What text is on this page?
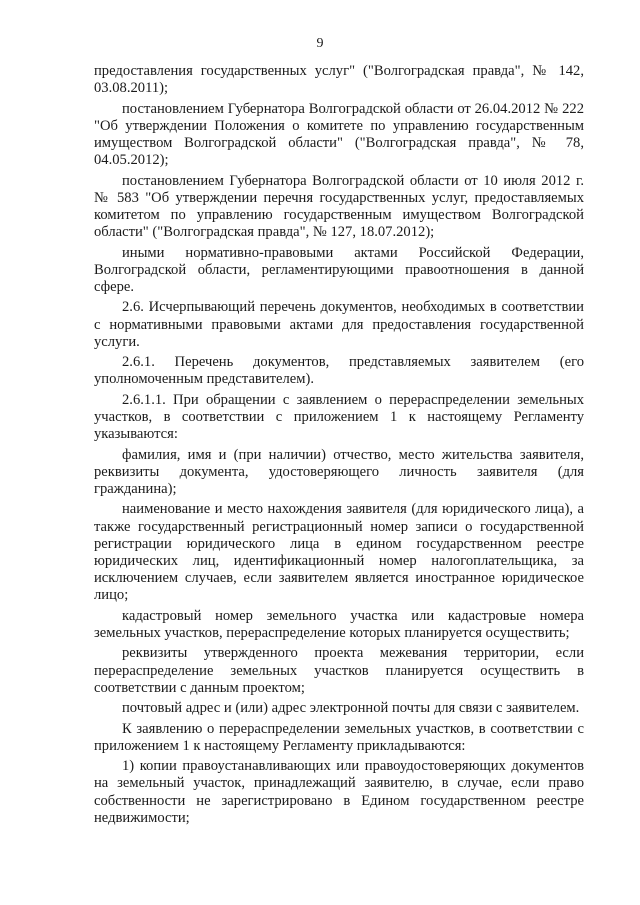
9

предоставления государственных услуг" ("Волгоградская правда", № 142, 03.08.2011);

постановлением Губернатора Волгоградской области от 26.04.2012 № 222 "Об утверждении Положения о комитете по управлению государственным имуществом Волгоградской области" ("Волгоградская правда", № 78, 04.05.2012);

постановлением Губернатора Волгоградской области от 10 июля 2012 г. № 583 "Об утверждении перечня государственных услуг, предоставляемых комитетом по управлению государственным имуществом Волгоградской области" ("Волгоградская правда", № 127, 18.07.2012);

иными нормативно-правовыми актами Российской Федерации, Волгоградской области, регламентирующими правоотношения в данной сфере.

2.6. Исчерпывающий перечень документов, необходимых в соответствии с нормативными правовыми актами для предоставления государственной услуги.

2.6.1. Перечень документов, представляемых заявителем (его уполномоченным представителем).

2.6.1.1. При обращении с заявлением о перераспределении земельных участков, в соответствии с приложением 1 к настоящему Регламенту указываются:

фамилия, имя и (при наличии) отчество, место жительства заявителя, реквизиты документа, удостоверяющего личность заявителя (для гражданина);

наименование и место нахождения заявителя (для юридического лица), а также государственный регистрационный номер записи о государственной регистрации юридического лица в едином государственном реестре юридических лиц, идентификационный номер налогоплательщика, за исключением случаев, если заявителем является иностранное юридическое лицо;

кадастровый номер земельного участка или кадастровые номера земельных участков, перераспределение которых планируется осуществить;

реквизиты утвержденного проекта межевания территории, если перераспределение земельных участков планируется осуществить в соответствии с данным проектом;

почтовый адрес и (или) адрес электронной почты для связи с заявителем.

К заявлению о перераспределении земельных участков, в соответствии с приложением 1 к настоящему Регламенту прикладываются:

1) копии правоустанавливающих или правоудостоверяющих документов на земельный участок, принадлежащий заявителю, в случае, если право собственности не зарегистрировано в Едином государственном реестре недвижимости;
